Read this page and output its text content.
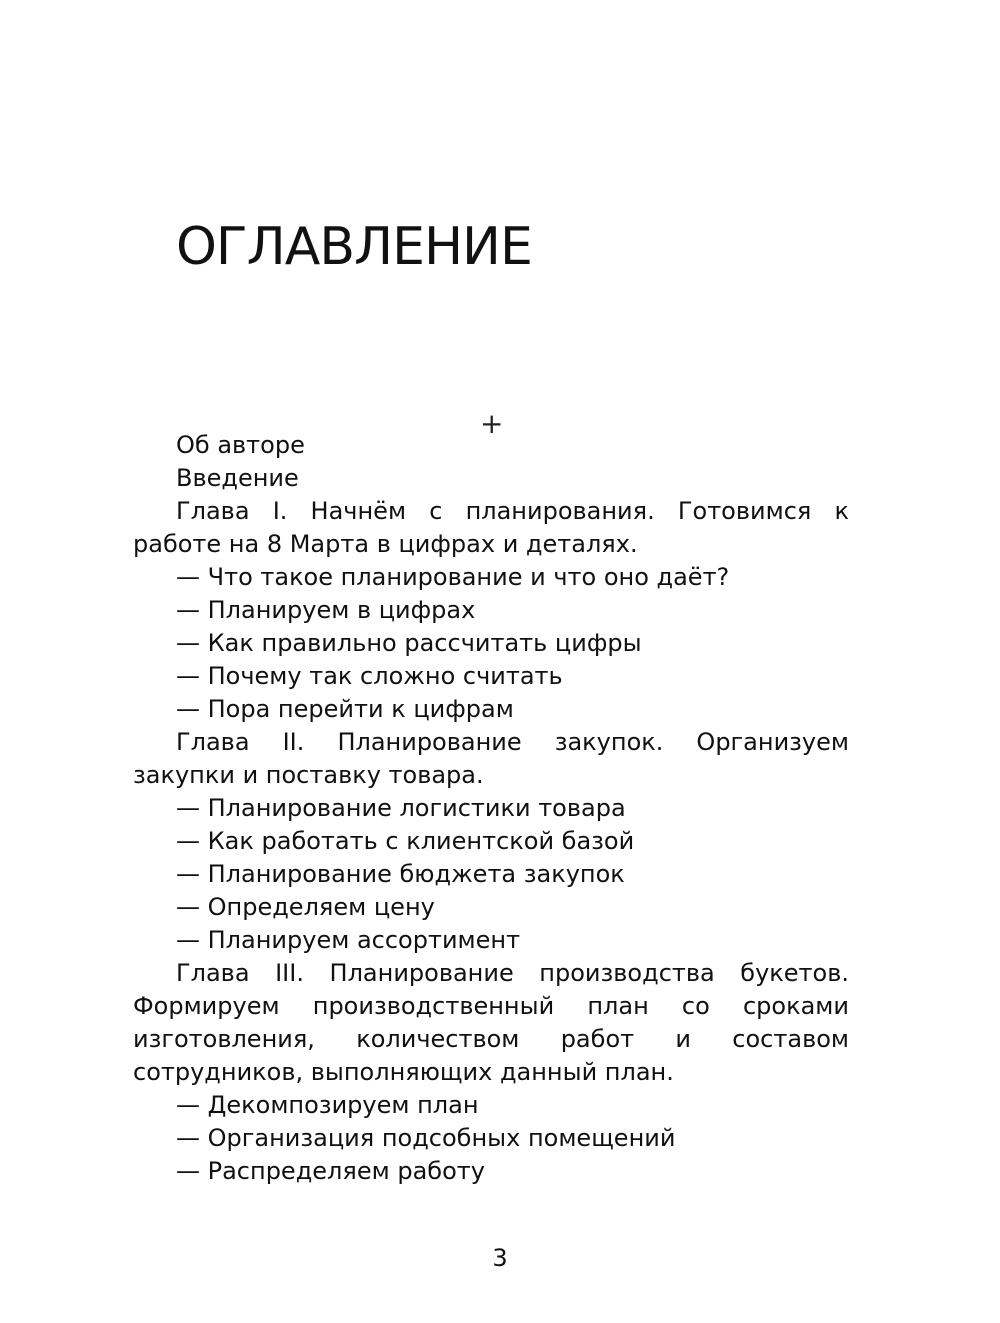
ОГЛАВЛЕНИЕ
+

Об авторе

Введение

Глава I. Начнём с планирования. Готовимся к работе на 8 Марта в цифрах и деталях.

— Что такое планирование и что оно даёт?

— Планируем в цифрах

— Как правильно рассчитать цифры

— Почему так сложно считать

— Пора перейти к цифрам

Глава II. Планирование закупок. Организуем закупки и поставку товара.

— Планирование логистики товара

— Как работать с клиентской базой

— Планирование бюджета закупок

— Определяем цену

— Планируем ассортимент

Глава III. Планирование производства букетов. Формируем производственный план со сроками изготовления, количеством работ и составом сотрудников, выполняющих данный план.

— Декомпозируем план

— Организация подсобных помещений

— Распределяем работу

3
